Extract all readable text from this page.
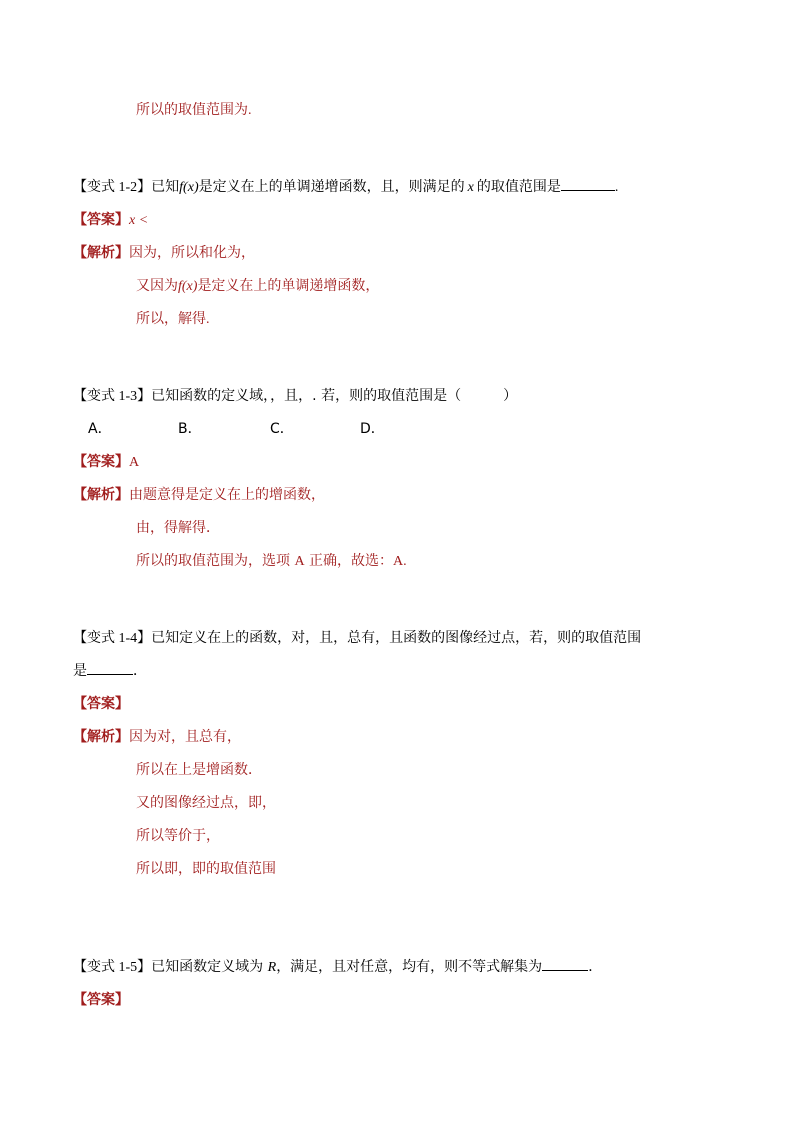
所以的取值范围为.
【变式 1-2】已知f(x)是定义在上的单调递增函数，且，则满足的 x 的取值范围是	.
【答案】x <
【解析】因为，所以和化为，
又因为f(x)是定义在上的单调递增函数，
所以，解得.
【变式 1-3】已知函数的定义域，，且，. 若，则的取值范围是（　　　）
A．	B．	C．	D．
【答案】A
【解析】由题意得是定义在上的增函数，
由，得解得．
所以的取值范围为，选项 A 正确，故选：A.
【变式 1-4】已知定义在上的函数，对，且，总有，且函数的图像经过点，若，则的取值范围
是	．
【答案】
【解析】因为对，且总有，
所以在上是增函数．
又的图像经过点，即，
所以等价于，
所以即，即的取值范围
【变式 1-5】已知函数定义域为 R，满足，且对任意，均有，则不等式解集为	．
【答案】
